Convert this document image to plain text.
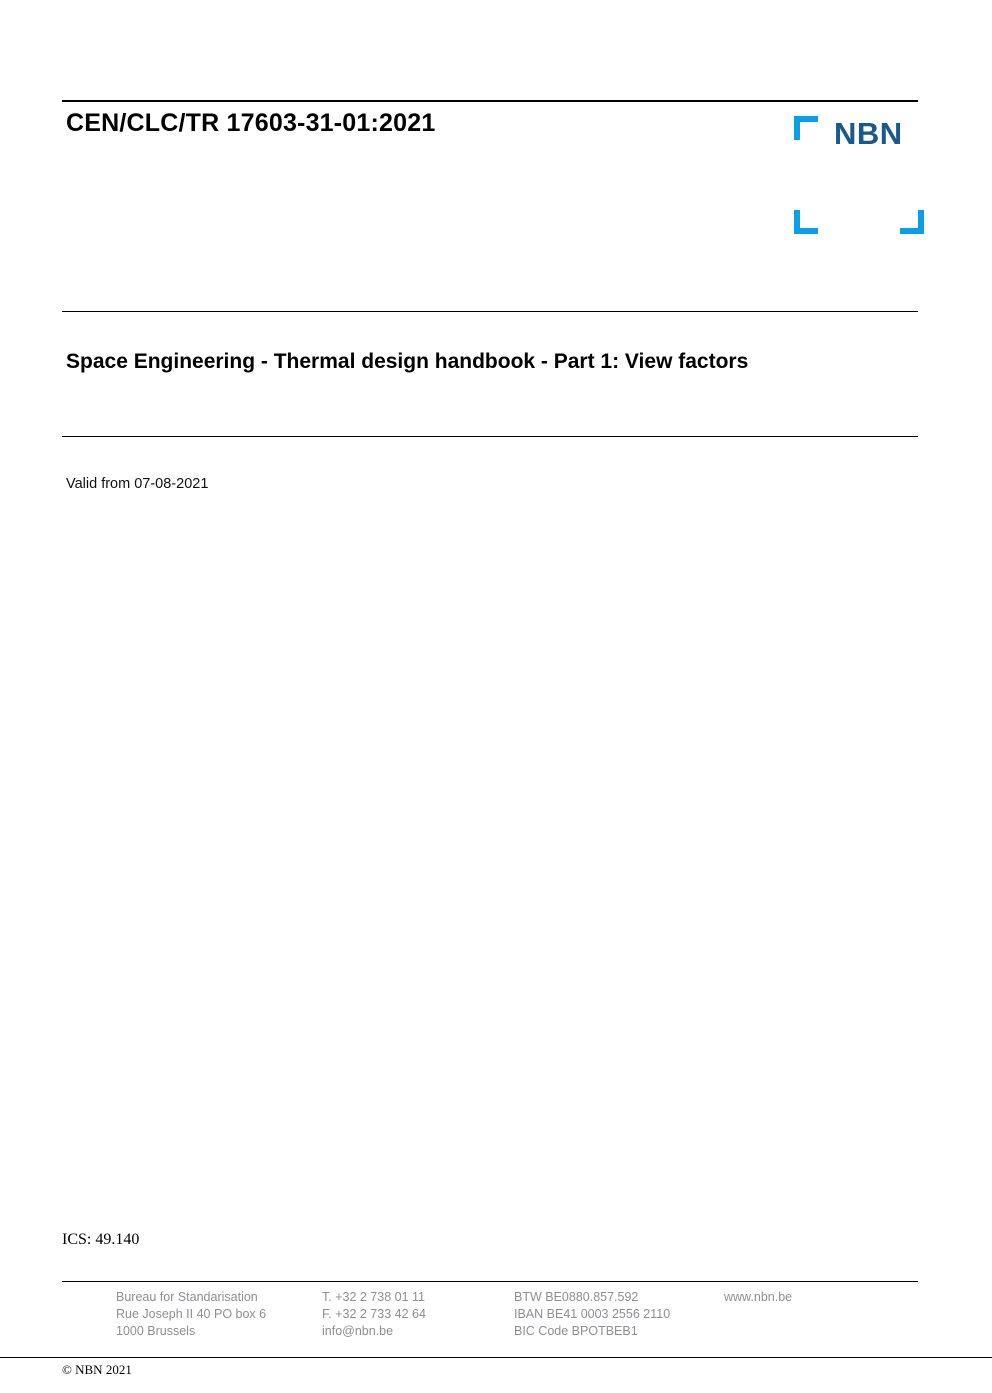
CEN/CLC/TR 17603-31-01:2021	NBN
Space Engineering - Thermal design handbook - Part 1: View factors
Valid from 07-08-2021
ICS: 49.140
Bureau for Standarisation
Rue Joseph II 40 PO box 6
1000 Brussels
T. +32 2 738 01 11
F. +32 2 733 42 64
info@nbn.be
BTW BE0880.857.592
IBAN BE41 0003 2556 2110
BIC Code BPOTBEB1
www.nbn.be
© NBN 2021
